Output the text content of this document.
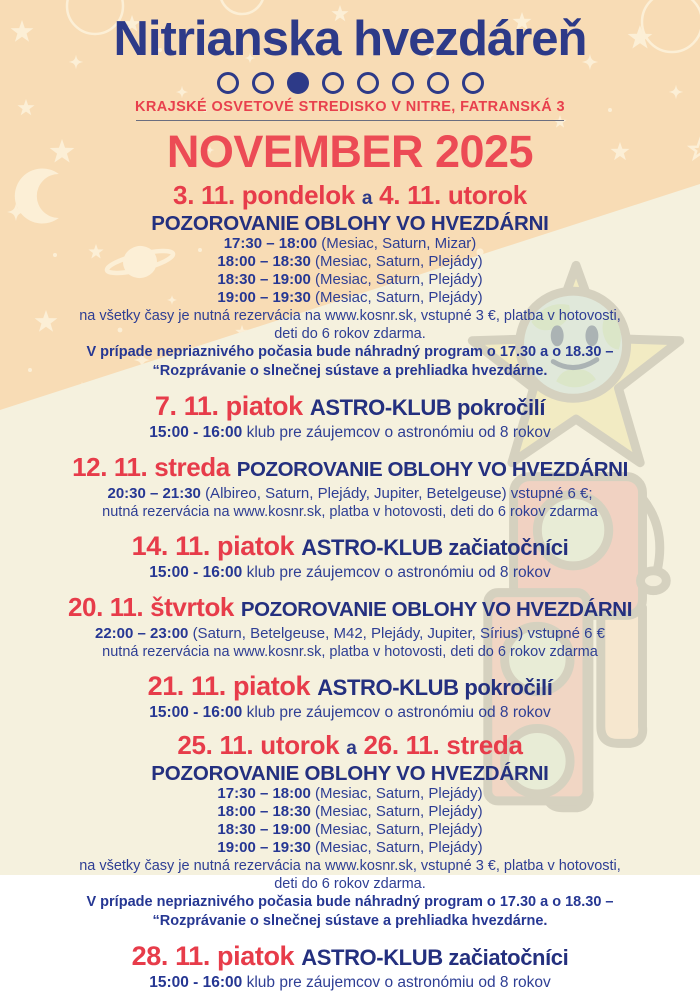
Nitrianska hvezdáreň
KRAJSKÉ OSVETOVÉ STREDISKO V NITRE, FATRANSKÁ 3
NOVEMBER 2025
3. 11. pondelok a 4. 11. utorok
POZOROVANIE OBLOHY VO HVEZDÁRNI
17:30 – 18:00 (Mesiac, Saturn, Mizar)
18:00 – 18:30 (Mesiac, Saturn, Plejády)
18:30 – 19:00 (Mesiac, Saturn, Plejády)
19:00 – 19:30 (Mesiac, Saturn, Plejády)
na všetky časy je nutná rezervácia na www.kosnr.sk, vstupné 3 €, platba v hotovosti,
deti do 6 rokov zdarma.
V prípade nepriaznivého počasia bude náhradný program o 17.30 a o 18.30 –
“Rozprávanie o slnečnej sústave a prehliadka hvezdárne.
7. 11. piatok ASTRO-KLUB pokročilí
15:00 - 16:00 klub pre záujemcov o astronómiu od 8 rokov
12. 11. streda POZOROVANIE OBLOHY VO HVEZDÁRNI
20:30 – 21:30 (Albireo, Saturn, Plejády, Jupiter, Betelgeuse) vstupné 6 €;
nutná rezervácia na www.kosnr.sk, platba v hotovosti, deti do 6 rokov zdarma
14. 11. piatok ASTRO-KLUB začiatočníci
15:00 - 16:00 klub pre záujemcov o astronómiu od 8 rokov
20. 11. štvrtok POZOROVANIE OBLOHY VO HVEZDÁRNI
22:00 – 23:00 (Saturn, Betelgeuse, M42, Plejády, Jupiter, Sírius) vstupné 6 €
nutná rezervácia na www.kosnr.sk, platba v hotovosti, deti do 6 rokov zdarma
21. 11. piatok ASTRO-KLUB pokročilí
15:00 - 16:00 klub pre záujemcov o astronómiu od 8 rokov
25. 11. utorok a 26. 11. streda
POZOROVANIE OBLOHY VO HVEZDÁRNI
17:30 – 18:00 (Mesiac, Saturn, Plejády)
18:00 – 18:30 (Mesiac, Saturn, Plejády)
18:30 – 19:00 (Mesiac, Saturn, Plejády)
19:00 – 19:30 (Mesiac, Saturn, Plejády)
na všetky časy je nutná rezervácia na www.kosnr.sk, vstupné 3 €, platba v hotovosti,
deti do 6 rokov zdarma.
V prípade nepriaznivého počasia bude náhradný program o 17.30 a o 18.30 –
“Rozprávanie o slnečnej sústave a prehliadka hvezdárne.
28. 11. piatok ASTRO-KLUB začiatočníci
15:00 - 16:00 klub pre záujemcov o astronómiu od 8 rokov
